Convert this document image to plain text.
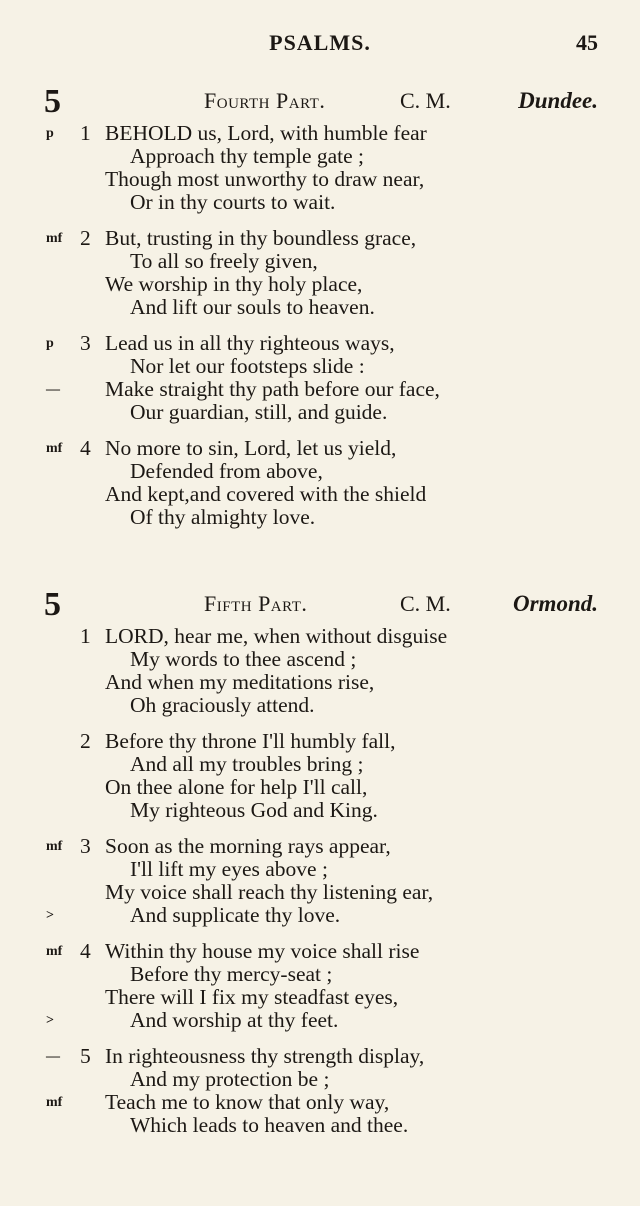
PSALMS.	45
5	Fourth Part.	C. M.	Dundee.
p 1 BEHOLD us, Lord, with humble fear
Approach thy temple gate ;
Though most unworthy to draw near,
Or in thy courts to wait.
mf 2 But, trusting in thy boundless grace,
To all so freely given,
We worship in thy holy place,
And lift our souls to heaven.
p 3 Lead us in all thy righteous ways,
Nor let our footsteps slide :
— Make straight thy path before our face,
Our guardian, still, and guide.
mf 4 No more to sin, Lord, let us yield,
Defended from above,
And kept,and covered with the shield
Of thy almighty love.
5	Fifth Part.	C. M.	Ormond.
1 LORD, hear me, when without disguise
My words to thee ascend ;
And when my meditations rise,
Oh graciously attend.
2 Before thy throne I'll humbly fall,
And all my troubles bring ;
On thee alone for help I'll call,
My righteous God and King.
mf 3 Soon as the morning rays appear,
I'll lift my eyes above ;
My voice shall reach thy listening ear,
>	And supplicate thy love.
mf 4 Within thy house my voice shall rise
Before thy mercy-seat ;
There will I fix my steadfast eyes,
>	And worship at thy feet.
— 5 In righteousness thy strength display,
And my protection be ;
mf Teach me to know that only way,
Which leads to heaven and thee.
